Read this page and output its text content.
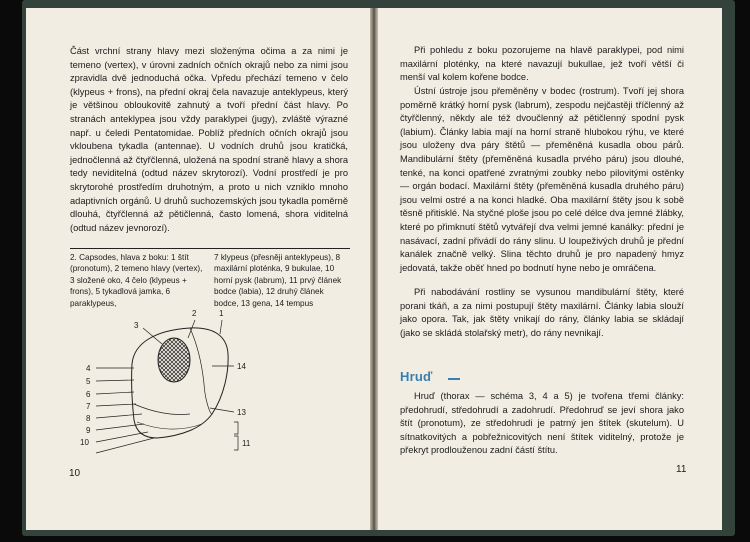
Část vrchní strany hlavy mezi složenýma očima a za nimi je temeno (vertex), v úrovni zadních očních okrajů nebo za nimi jsou zpravidla dvě jednoduchá očka. Vpředu přechází temeno v čelo (klypeus + frons), na přední okraj čela navazuje anteklypeus, který je většinou obloukovitě zahnutý a tvoří přední část hlavy. Po stranách anteklypea jsou vždy paraklypei (jugy), zvláště výrazné např. u čeledi Pentatomidae. Poblíž předních očních okrajů jsou vkloubena tykadla (antennae). U vodních druhů jsou kratičká, jednočlenná až čtyřčlenná, uložená na spodní straně hlavy a shora tedy neviditelná (odtud název skrytorozí). Vodní prostředí je pro skrytorohé prostředím druhotným, a proto u nich vzniklo mnoho adaptivních orgánů. U druhů suchozemských jsou tykadla poměrně dlouhá, čtyřčlenná až pětičlenná, často lomená, shora viditelná (odtud název jevnorozí).

2. Capsodes, hlava z boku: 1 štít (pronotum), 2 temeno hlavy (vertex), 3 složené oko, 4 čelo (klypeus + frons), 5 tykadlová jamka, 6 paraklypeus,

7 klypeus (přesněji anteklypeus), 8 maxilární ploténka, 9 bukulae, 10 horní pysk (labrum), 11 prvý článek bodce (labia), 12 druhý článek bodce, 13 gena, 14 tempus

1
2
3
4
5
6
7
8
9
10	11
13
14
10

Při pohledu z boku pozorujeme na hlavě paraklypei, pod nimi maxilární ploténky, na které navazují bukullae, jež tvoří větší či menší val kolem kořene bodce.

Ústní ústroje jsou přeměněny v bodec (rostrum). Tvoří jej shora poměrně krátký horní pysk (labrum), zespodu nejčastěji tříčlenný až čtyřčlenný, někdy ale též dvoučlenný až pětičlenný spodní pysk (labium). Články labia mají na horní straně hlubokou rýhu, ve které jsou uloženy dva páry štětů — přeměněná kusadla obou párů. Mandibulární štěty (přeměněná kusadla prvého páru) jsou dlouhé, tenké, na konci opatřené zvratnými zoubky nebo pilovitými ostěnky — orgán bodací. Maxilární štěty (přeměněná kusadla druhého páru) jsou velmi ostré a na konci hladké. Oba maxilární štěty jsou k sobě těsně přitisklé. Na styčné ploše jsou po celé délce dva jemné žlábky, které po přimknutí štětů vytvářejí dva velmi jemné kanálky: přední je nasávací, zadní přivádí do rány slinu. U loupeživých druhů je přední kanálek značně velký. Slina těchto druhů je pro napadený hmyz jedovatá, takže oběť hned po bodnutí hyne nebo je omráčena.

Při nabodávání rostliny se vysunou mandibulární štěty, které porani tkáň, a za nimi postupují štěty maxilární. Články labia slouží jako opora. Tak, jak štěty vnikají do rány, články labia se skládají (jako se skládá stolařský metr), do rány nevnikají.

Hruď

Hruď (thorax — schéma 3, 4 a 5) je tvořena třemi články: předohrudí, středohrudí a zadohrudí. Předohruď se jeví shora jako štít (pronotum), ze středohrudi je patrný jen štítek (skutelum). U sítnatkovitých a pobřežnicovitých není štítek viditelný, protože je překryt prodlouženou zadní částí štítu.

11
